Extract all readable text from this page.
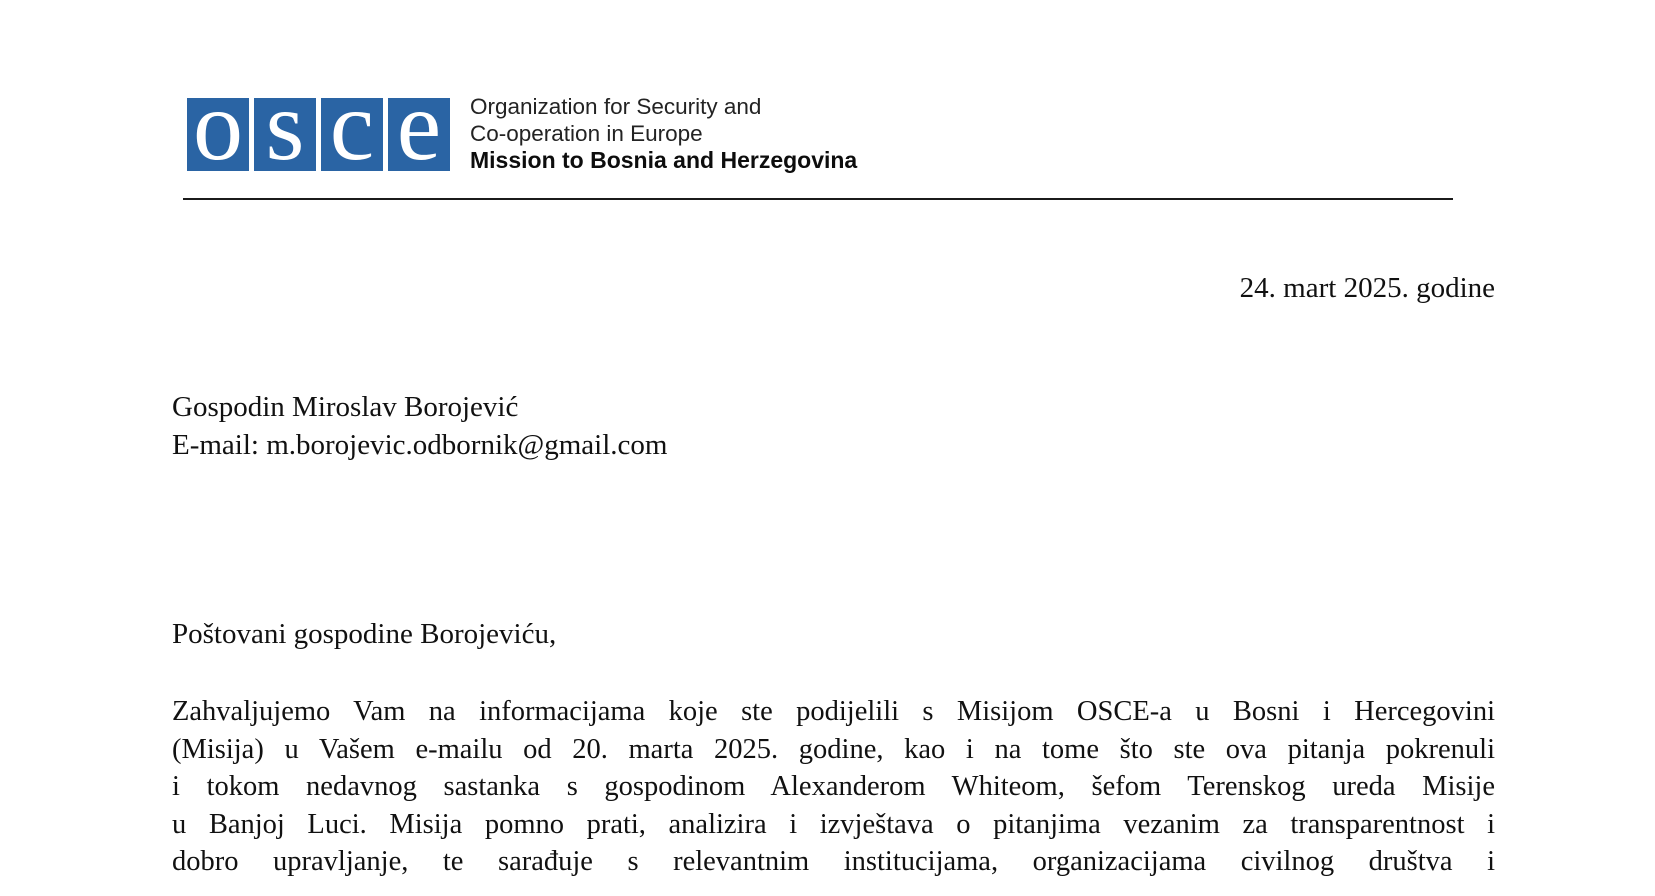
o s c e Organization for Security and
Co-operation in Europe
Mission to Bosnia and Herzegovina
24. mart 2025. godine
Gospodin Miroslav Borojević
E-mail: m.borojevic.odbornik@gmail.com
Poštovani gospodine Borojeviću,
Zahvaljujemo Vam na informacijama koje ste podijelili s Misijom OSCE-a u Bosni i Hercegovini
(Misija) u Vašem e-mailu od 20. marta 2025. godine, kao i na tome što ste ova pitanja pokrenuli
i tokom nedavnog sastanka s gospodinom Alexanderom Whiteom, šefom Terenskog ureda Misije
u Banjoj Luci. Misija pomno prati, analizira i izvještava o pitanjima vezanim za transparentnost i
dobro upravljanje, te sarađuje s relevantnim institucijama, organizacijama civilnog društva i
